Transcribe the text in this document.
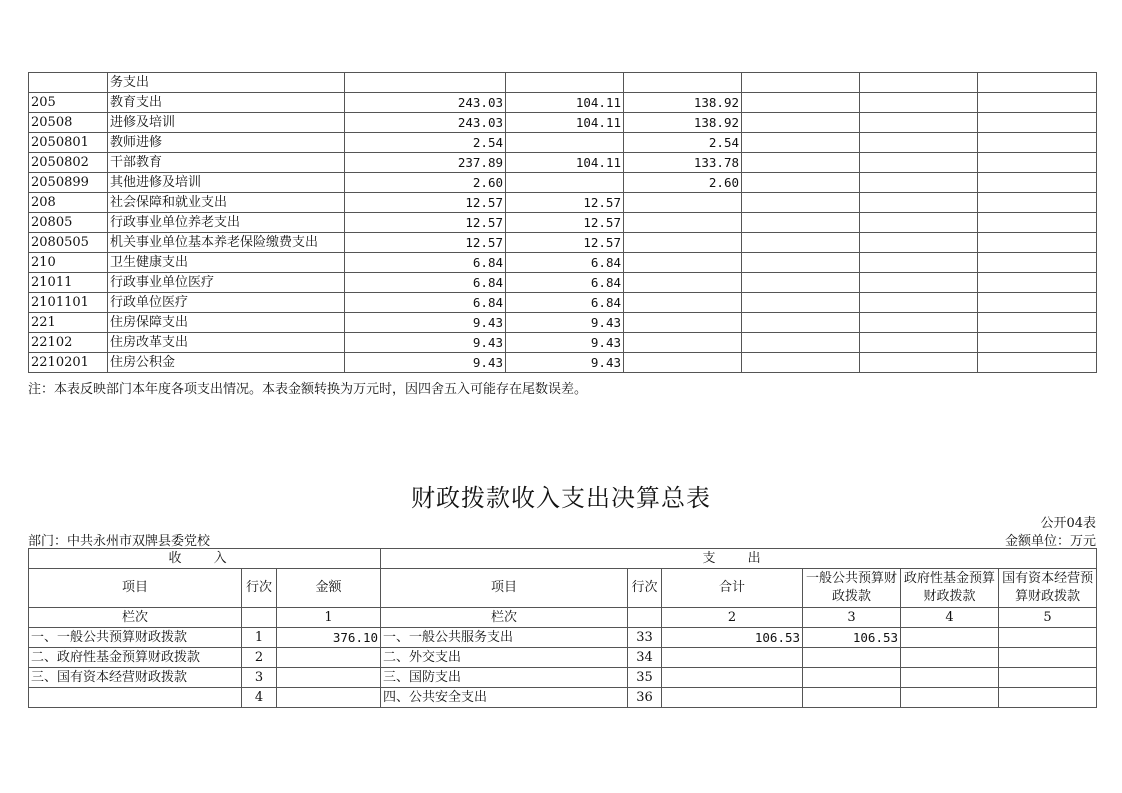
	务支出						
205	教育支出	243.03	104.11	138.92			
20508	进修及培训	243.03	104.11	138.92			
2050801	教师进修	2.54		2.54			
2050802	干部教育	237.89	104.11	133.78			
2050899	其他进修及培训	2.60		2.60			
208	社会保障和就业支出	12.57	12.57				
20805	行政事业单位养老支出	12.57	12.57				
2080505	机关事业单位基本养老保险缴费支出	12.57	12.57				
210	卫生健康支出	6.84	6.84				
21011	行政事业单位医疗	6.84	6.84				
2101101	行政单位医疗	6.84	6.84				
221	住房保障支出	9.43	9.43				
22102	住房改革支出	9.43	9.43				
2210201	住房公积金	9.43	9.43				
注：本表反映部门本年度各项支出情况。本表金额转换为万元时，因四舍五入可能存在尾数误差。
财政拨款收入支出决算总表
公开04表
部门：中共永州市双牌县委党校	金额单位：万元
收 入			支 出					
项目	行次	金额	项目	行次	合计	一般公共预算财政拨款	政府性基金预算财政拨款	国有资本经营预算财政拨款
栏次		1	栏次		2	3	4	5
一、一般公共预算财政拨款	1	376.10	一、一般公共服务支出	33	106.53	106.53		
二、政府性基金预算财政拨款	2		二、外交支出	34				
三、国有资本经营财政拨款	3		三、国防支出	35				
	4		四、公共安全支出	36				
